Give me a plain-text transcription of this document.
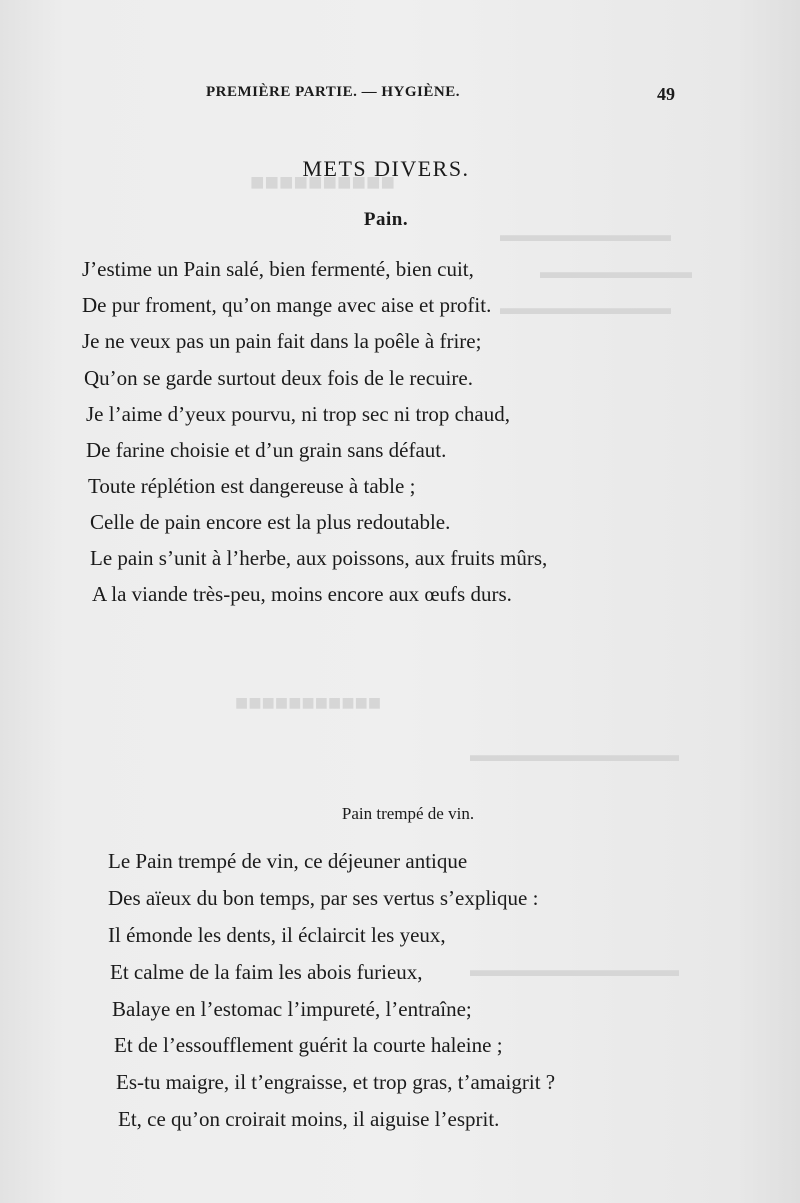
■■■■■■■■■■
▬▬▬▬▬▬▬▬▬
▬▬▬▬▬▬▬▬
▬▬▬▬▬▬▬▬▬
■■■■■■■■■■■
▬▬▬▬▬▬▬▬▬▬▬
▬▬▬▬▬▬▬▬▬▬▬
PREMIÈRE PARTIE. — HYGIÈNE.	49
METS DIVERS.
Pain.
J’estime un Pain salé, bien fermenté, bien cuit,
De pur froment, qu’on mange avec aise et profit.
Je ne veux pas un pain fait dans la poêle à frire;
Qu’on se garde surtout deux fois de le recuire.
Je l’aime d’yeux pourvu, ni trop sec ni trop chaud,
De farine choisie et d’un grain sans défaut.
Toute réplétion est dangereuse à table ;
Celle de pain encore est la plus redoutable.
Le pain s’unit à l’herbe, aux poissons, aux fruits mûrs,
A la viande très-peu, moins encore aux œufs durs.
Pain trempé de vin.
Le Pain trempé de vin, ce déjeuner antique
Des aïeux du bon temps, par ses vertus s’explique :
Il émonde les dents, il éclaircit les yeux,
Et calme de la faim les abois furieux,
Balaye en l’estomac l’impureté, l’entraîne;
Et de l’essoufflement guérit la courte haleine ;
Es-tu maigre, il t’engraisse, et trop gras, t’amaigrit ?
Et, ce qu’on croirait moins, il aiguise l’esprit.
